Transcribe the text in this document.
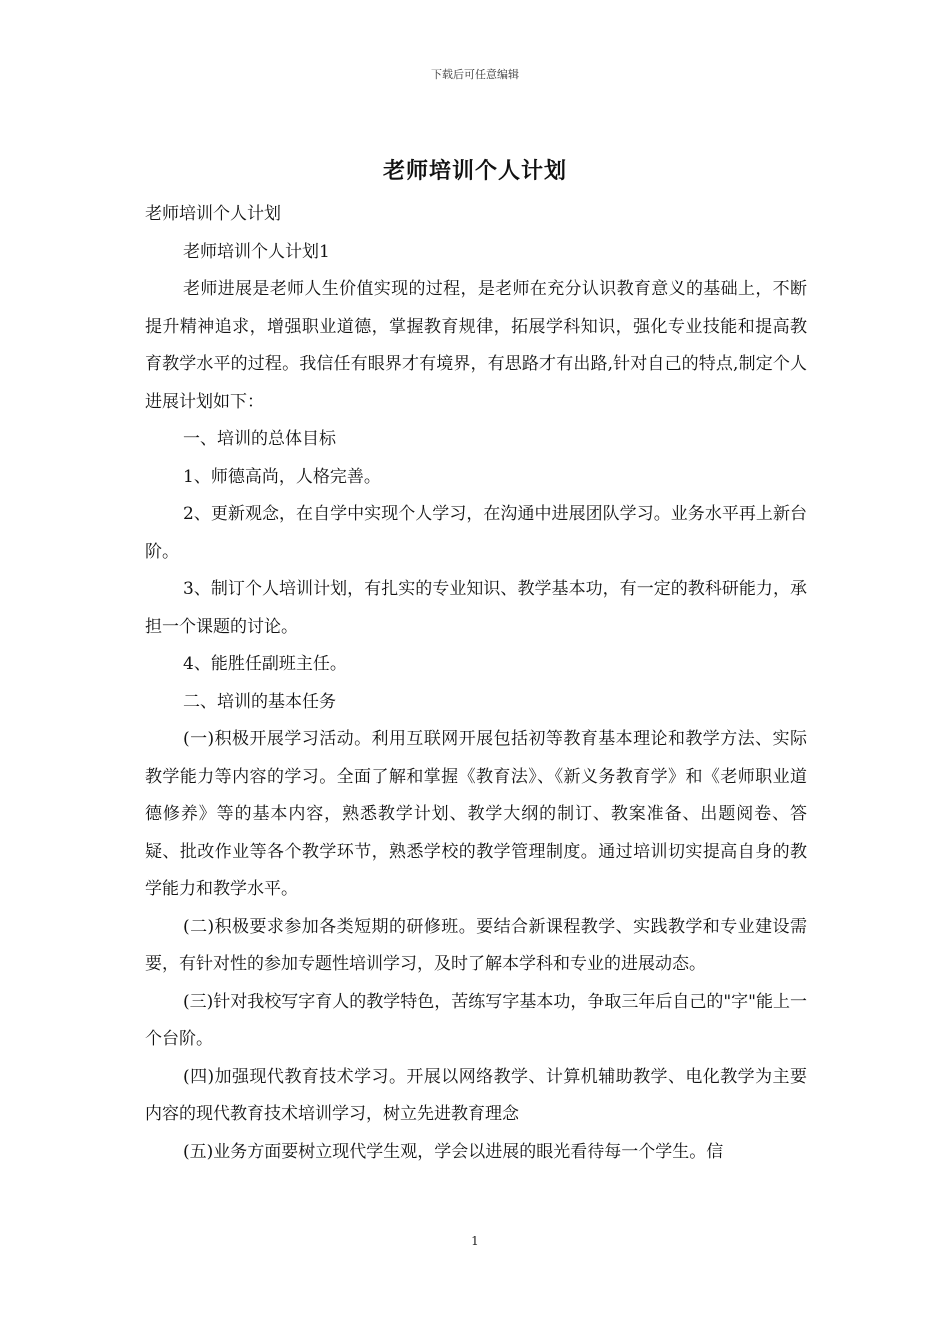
下载后可任意编辑
老师培训个人计划

老师培训个人计划

老师培训个人计划1

老师进展是老师人生价值实现的过程，是老师在充分认识教育意义的基础上，不断提升精神追求，增强职业道德，掌握教育规律，拓展学科知识，强化专业技能和提高教育教学水平的过程。我信任有眼界才有境界，有思路才有出路,针对自己的特点,制定个人进展计划如下：

一、培训的总体目标

1、师德高尚，人格完善。

2、更新观念，在自学中实现个人学习，在沟通中进展团队学习。业务水平再上新台阶。

3、制订个人培训计划，有扎实的专业知识、教学基本功，有一定的教科研能力，承担一个课题的讨论。

4、能胜任副班主任。

二、培训的基本任务

(一)积极开展学习活动。利用互联网开展包括初等教育基本理论和教学方法、实际教学能力等内容的学习。全面了解和掌握《教育法》、《新义务教育学》和《老师职业道德修养》等的基本内容，熟悉教学计划、教学大纲的制订、教案准备、出题阅卷、答疑、批改作业等各个教学环节，熟悉学校的教学管理制度。通过培训切实提高自身的教学能力和教学水平。

(二)积极要求参加各类短期的研修班。要结合新课程教学、实践教学和专业建设需要，有针对性的参加专题性培训学习，及时了解本学科和专业的进展动态。

(三)针对我校写字育人的教学特色，苦练写字基本功，争取三年后自己的"字"能上一个台阶。

(四)加强现代教育技术学习。开展以网络教学、计算机辅助教学、电化教学为主要内容的现代教育技术培训学习，树立先进教育理念

(五)业务方面要树立现代学生观，学会以进展的眼光看待每一个学生。信

1
